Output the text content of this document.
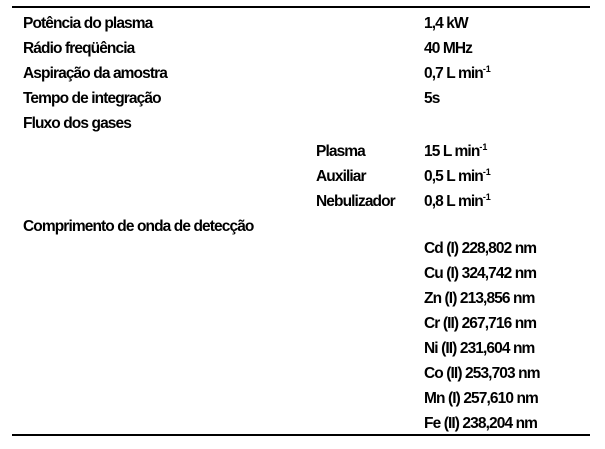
Potência do plasma	1,4 kW
Rádio freqüência	40 MHz
Aspiração da amostra	0,7 L $\min^{-1}$
Tempo de integração	5s
Fluxo dos gases
Plasma	15 L $\min^{-1}$
Auxiliar	0,5 L $\min^{-1}$
Nebulizador 0,8 L $\min^{-1}$
Comprimento de onda de detecção
Cd (I) 228,802 nm
Cu (I) 324,742 nm
Zn (I) 213,856 nm
Cr (II) 267,716 nm
Ni (II) 231,604 nm
Co (II) 253,703 nm
Mn (I) 257,610 nm
Fe (II) 238,204 nm
